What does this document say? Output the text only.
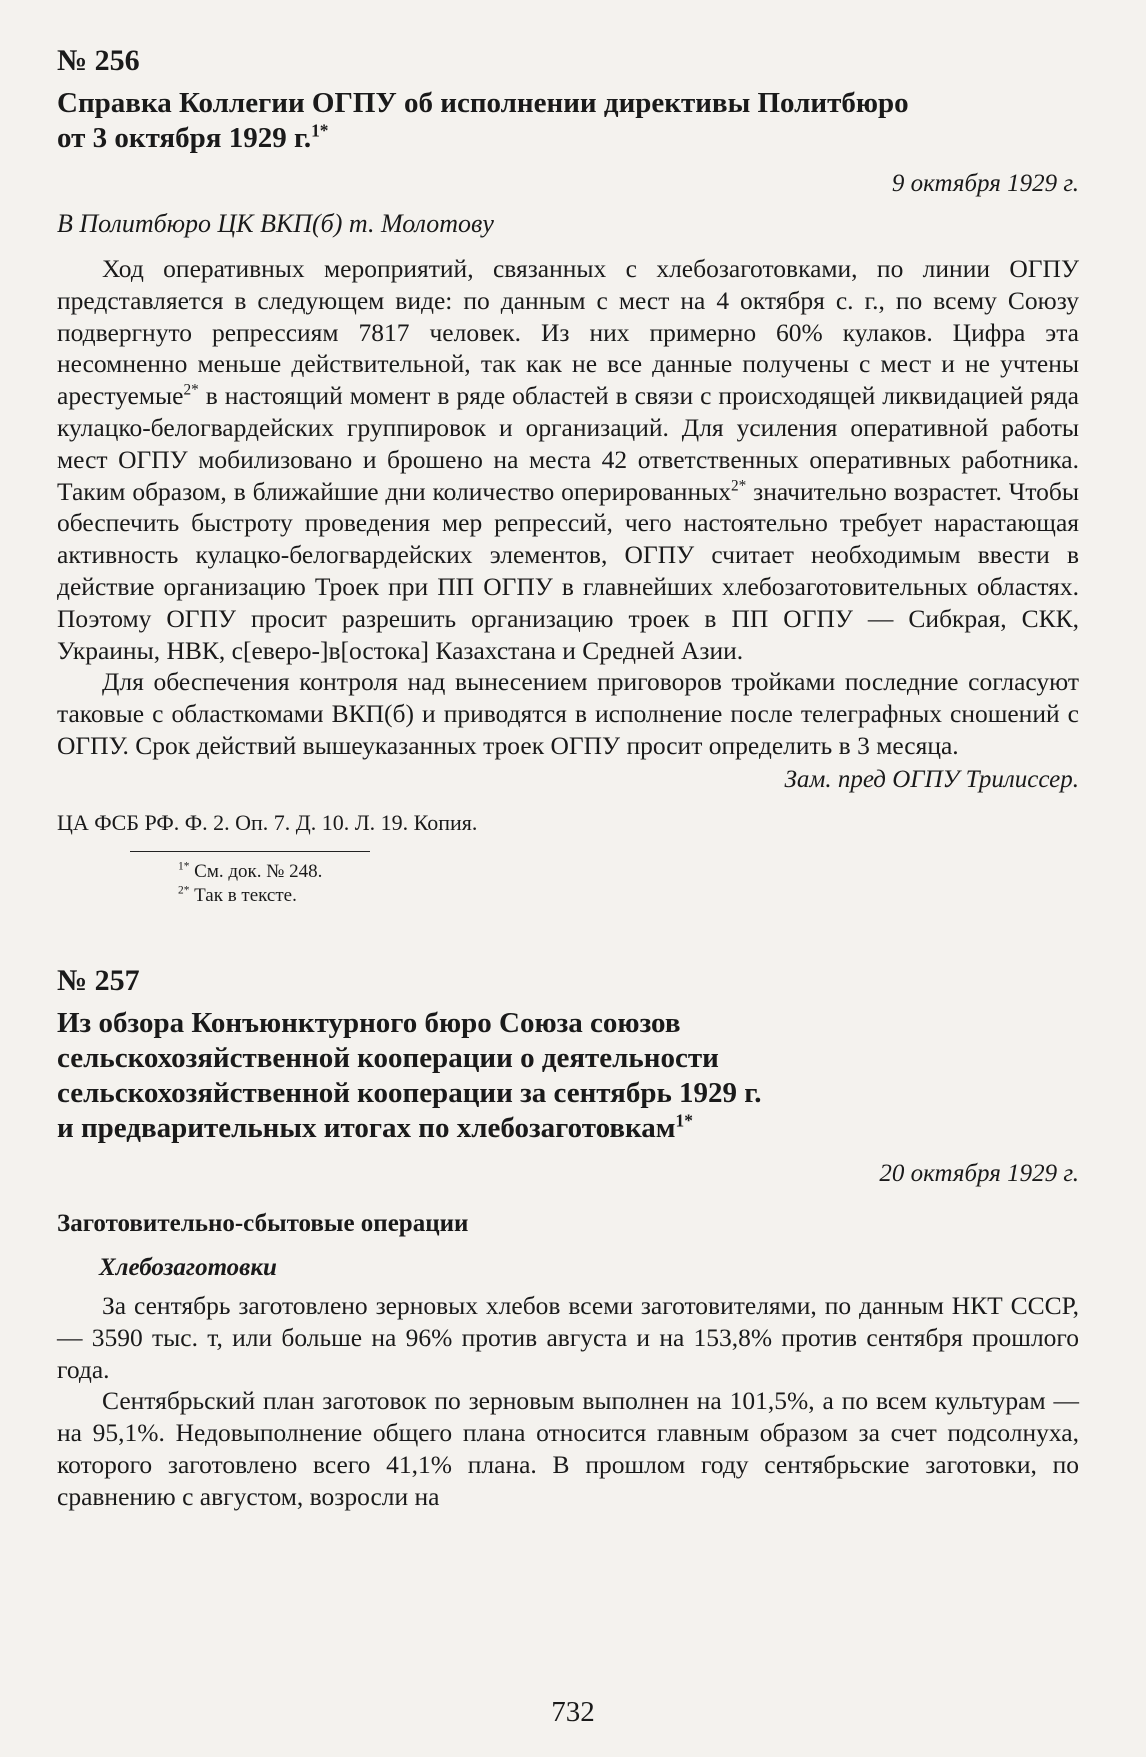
№ 256
Справка Коллегии ОГПУ об исполнении директивы Политбюро
от 3 октября 1929 г.$^{1*}$
9 октября 1929 г.
В Политбюро ЦК ВКП(б) т. Молотову

Ход оперативных мероприятий, связанных с хлебозаготовками, по линии ОГПУ представляется в следующем виде: по данным с мест на 4 октября с. г., по всему Союзу подвергнуто репрессиям 7817 человек. Из них примерно 60% кулаков. Цифра эта несомненно меньше действительной, так как не все данные получены с мест и не учтены арестуемые$^{2*}$ в настоящий момент в ряде областей в связи с происходящей ликвидацией ряда кулацко-белогвардейских группировок и организаций. Для усиления оперативной работы мест ОГПУ мобилизовано и брошено на места 42 ответственных оперативных работника. Таким образом, в ближайшие дни количество оперированных$^{2*}$ значительно возрастет. Чтобы обеспечить быстроту проведения мер репрессий, чего настоятельно требует нарастающая активность кулацко-белогвардейских элементов, ОГПУ считает необходимым ввести в действие организацию Троек при ПП ОГПУ в главнейших хлебозаготовительных областях. Поэтому ОГПУ просит разрешить организацию троек в ПП ОГПУ — Сибкрая, СКК, Украины, НВК, с[еверо-]в[остока] Казахстана и Средней Азии.

Для обеспечения контроля над вынесением приговоров тройками последние согласуют таковые с областкомами ВКП(б) и приводятся в исполнение после телеграфных сношений с ОГПУ. Срок действий вышеуказанных троек ОГПУ просит определить в 3 месяца.

Зам. пред ОГПУ Трилиссер.
ЦА ФСБ РФ. Ф. 2. Оп. 7. Д. 10. Л. 19. Копия.
$^{1*}$ См. док. № 248.
$^{2*}$ Так в тексте.
№ 257
Из обзора Конъюнктурного бюро Союза союзов
сельскохозяйственной кооперации о деятельности
сельскохозяйственной кооперации за сентябрь 1929 г.
и предварительных итогах по хлебозаготовкам$^{1*}$
20 октября 1929 г.
Заготовительно-сбытовые операции
Хлебозаготовки

За сентябрь заготовлено зерновых хлебов всеми заготовителями, по данным НКТ СССР, — 3590 тыс. т, или больше на 96% против августа и на 153,8% против сентября прошлого года.

Сентябрьский план заготовок по зерновым выполнен на 101,5%, а по всем культурам — на 95,1%. Недовыполнение общего плана относится главным образом за счет подсолнуха, которого заготовлено всего 41,1% плана. В прошлом году сентябрьские заготовки, по сравнению с августом, возросли на

732
